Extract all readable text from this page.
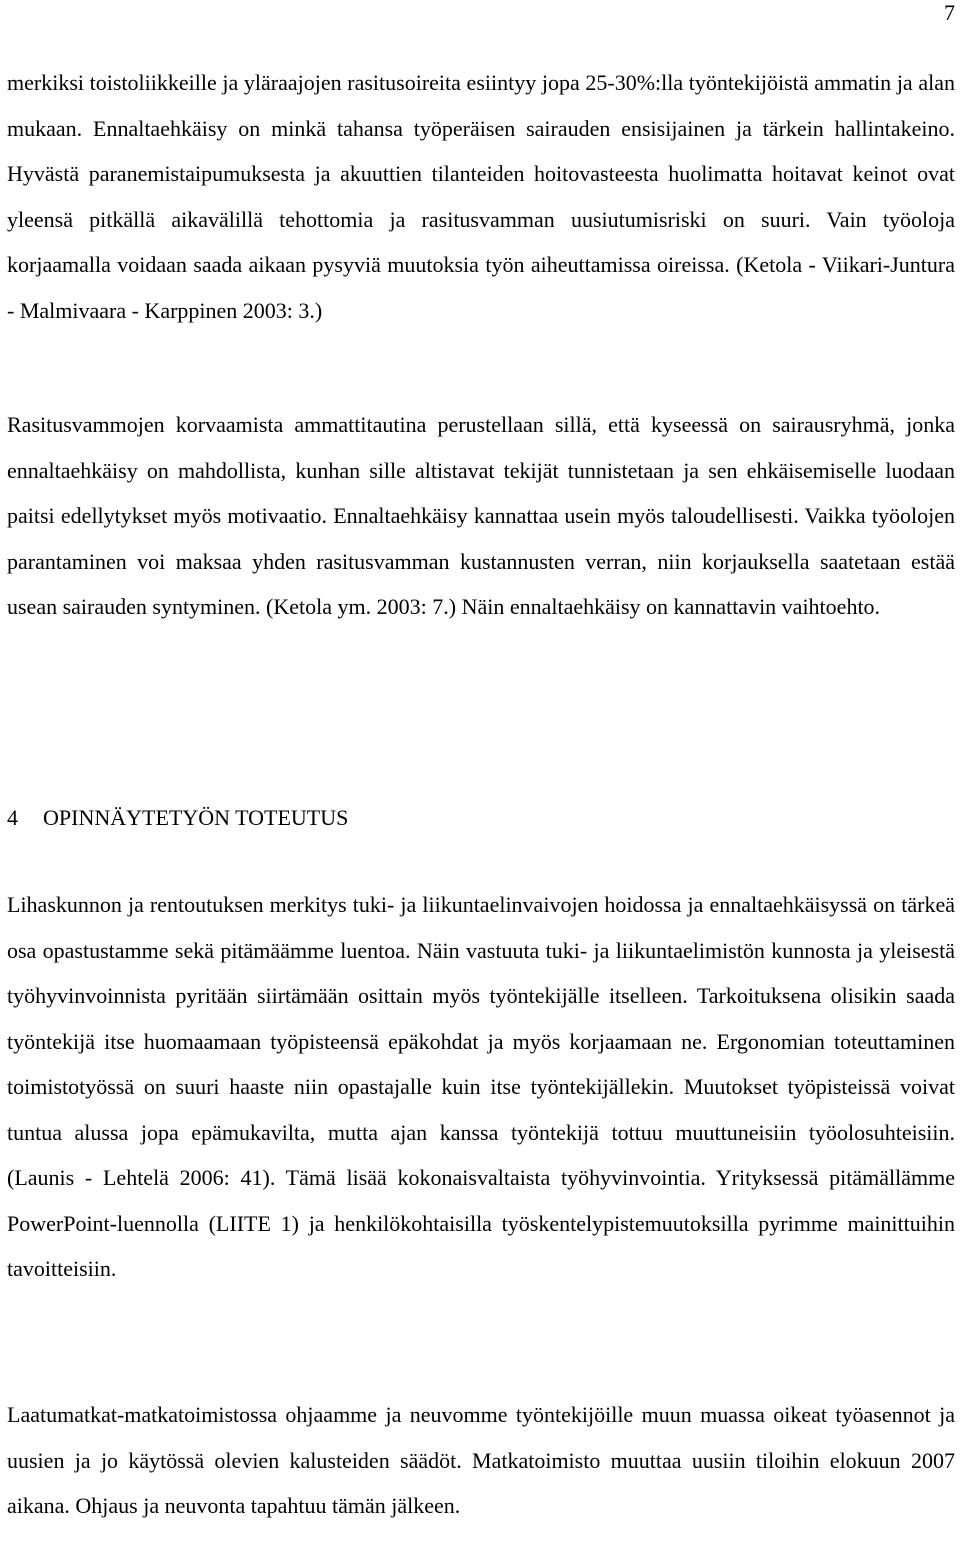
7

merkiksi toistoliikkeille ja yläraajojen rasitusoireita esiintyy jopa 25-30%:lla työntekijöistä ammatin ja alan mukaan. Ennaltaehkäisy on minkä tahansa työperäisen sairauden ensisijainen ja tärkein hallintakeino. Hyvästä paranemistaipumuksesta ja akuuttien tilanteiden hoitovasteesta huolimatta hoitavat keinot ovat yleensä pitkällä aikavälillä tehottomia ja rasitusvamman uusiutumisriski on suuri. Vain työoloja korjaamalla voidaan saada aikaan pysyviä muutoksia työn aiheuttamissa oireissa. (Ketola - Viikari-Juntura - Malmivaara - Karppinen 2003: 3.)

Rasitusvammojen korvaamista ammattitautina perustellaan sillä, että kyseessä on sairausryhmä, jonka ennaltaehkäisy on mahdollista, kunhan sille altistavat tekijät tunnistetaan ja sen ehkäisemiselle luodaan paitsi edellytykset myös motivaatio. Ennaltaehkäisy kannattaa usein myös taloudellisesti. Vaikka työolojen parantaminen voi maksaa yhden rasitusvamman kustannusten verran, niin korjauksella saatetaan estää usean sairauden syntyminen. (Ketola ym. 2003: 7.) Näin ennaltaehkäisy on kannattavin vaihtoehto.

4 OPINNÄYTETYÖN TOTEUTUS

Lihaskunnon ja rentoutuksen merkitys tuki- ja liikuntaelinvaivojen hoidossa ja ennaltaehkäisyssä on tärkeä osa opastustamme sekä pitämäämme luentoa. Näin vastuuta tuki- ja liikuntaelimistön kunnosta ja yleisestä työhyvinvoinnista pyritään siirtämään osittain myös työntekijälle itselleen. Tarkoituksena olisikin saada työntekijä itse huomaamaan työpisteensä epäkohdat ja myös korjaamaan ne. Ergonomian toteuttaminen toimistotyössä on suuri haaste niin opastajalle kuin itse työntekijällekin. Muutokset työpisteissä voivat tuntua alussa jopa epämukavilta, mutta ajan kanssa työntekijä tottuu muuttuneisiin työolosuhteisiin. (Launis - Lehtelä 2006: 41). Tämä lisää kokonaisvaltaista työhyvinvointia. Yrityksessä pitämällämme PowerPoint-luennolla (LIITE 1) ja henkilökohtaisilla työskentelypistemuutoksilla pyrimme mainittuihin tavoitteisiin.

Laatumatkat-matkatoimistossa ohjaamme ja neuvomme työntekijöille muun muassa oikeat työasennot ja uusien ja jo käytössä olevien kalusteiden säädöt. Matkatoimisto muuttaa uusiin tiloihin elokuun 2007 aikana. Ohjaus ja neuvonta tapahtuu tämän jälkeen.
